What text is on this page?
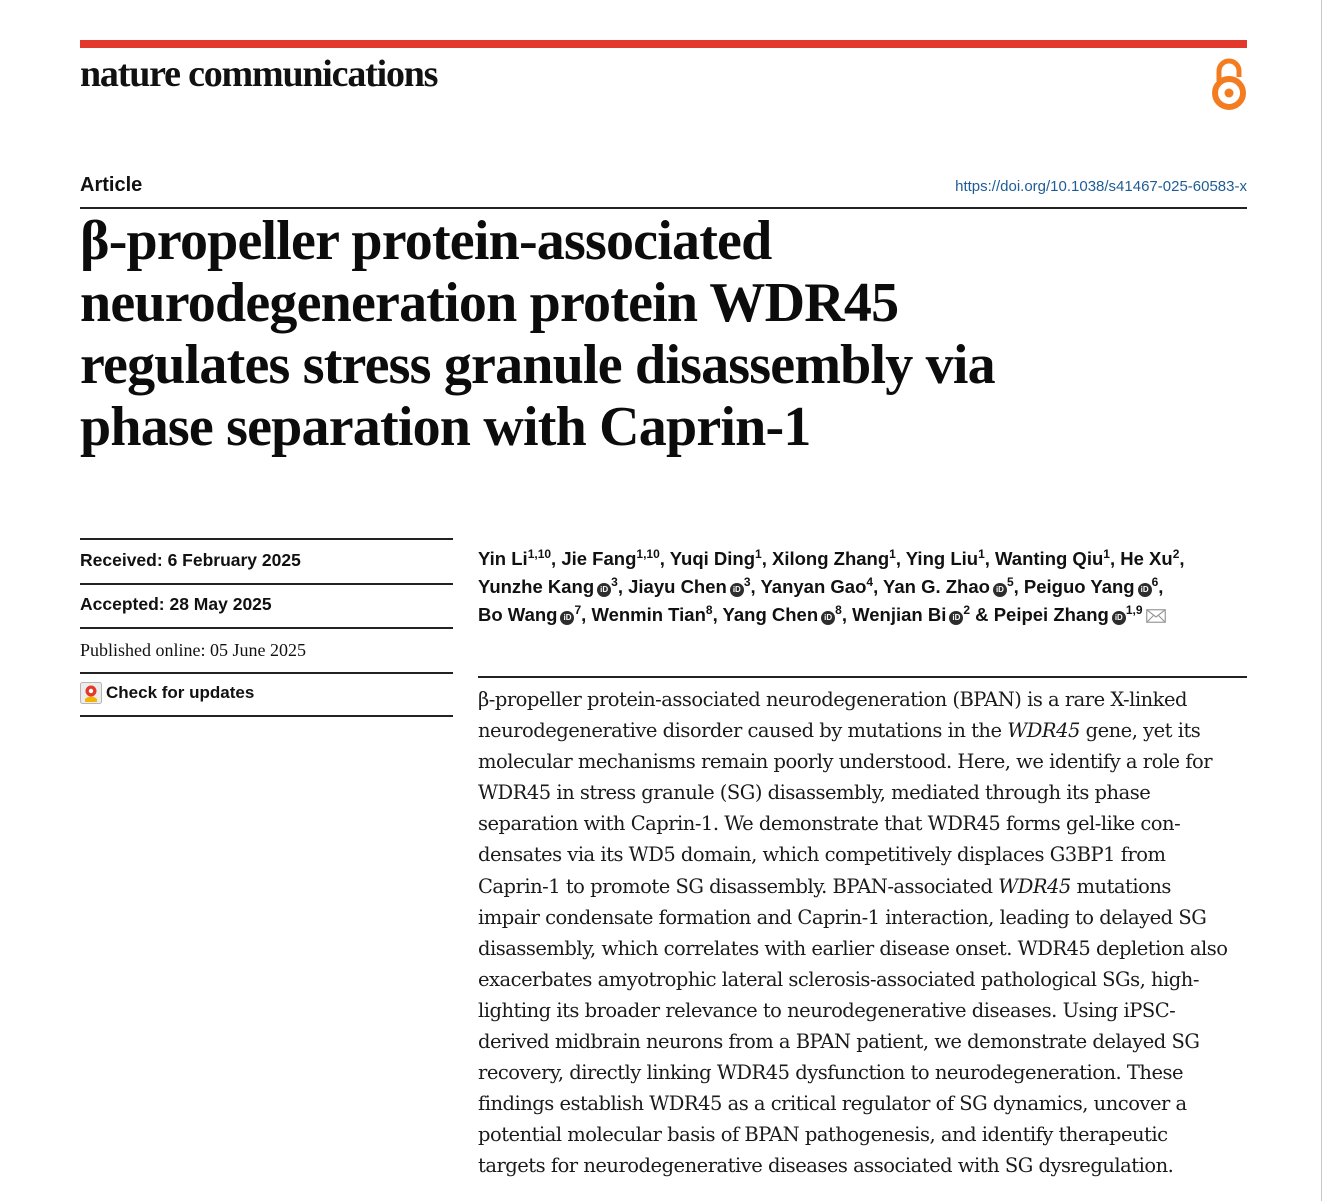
nature communications
Article	https://doi.org/10.1038/s41467-025-60583-x
β-propeller protein-associated
neurodegeneration protein WDR45
regulates stress granule disassembly via
phase separation with Caprin-1
Received: 6 February 2025
Accepted: 28 May 2025
Published online: 05 June 2025
Check for updates

Yin Li$^{1,10}$, Jie Fang$^{1,10}$, Yuqi Ding$^1$, Xilong Zhang$^1$, Ying Liu$^1$, Wanting Qiu$^1$, He Xu$^2$, Yunzhe Kang $iD^3$, Jiayu Chen $iD^3$, Yanyan Gao$^4$, Yan G. Zhao $iD^5$, Peiguo Yang $iD^6$, Bo Wang $iD^7$, Wenmin Tian$^8$, Yang Chen $iD^8$, Wenjian Bi $iD^2$ & Peipei Zhang iD$^{1,9}$

β-propeller protein-associated neurodegeneration (BPAN) is a rare X-linked
neurodegenerative disorder caused by mutations in the WDR45 gene, yet its
molecular mechanisms remain poorly understood. Here, we identify a role for
WDR45 in stress granule (SG) disassembly, mediated through its phase
separation with Caprin-1. We demonstrate that WDR45 forms gel-like con-
densates via its WD5 domain, which competitively displaces G3BP1 from
Caprin-1 to promote SG disassembly. BPAN-associated WDR45 mutations
impair condensate formation and Caprin-1 interaction, leading to delayed SG
disassembly, which correlates with earlier disease onset. WDR45 depletion also
exacerbates amyotrophic lateral sclerosis-associated pathological SGs, high-
lighting its broader relevance to neurodegenerative diseases. Using iPSC-
derived midbrain neurons from a BPAN patient, we demonstrate delayed SG
recovery, directly linking WDR45 dysfunction to neurodegeneration. These
findings establish WDR45 as a critical regulator of SG dynamics, uncover a
potential molecular basis of BPAN pathogenesis, and identify therapeutic
targets for neurodegenerative diseases associated with SG dysregulation.
